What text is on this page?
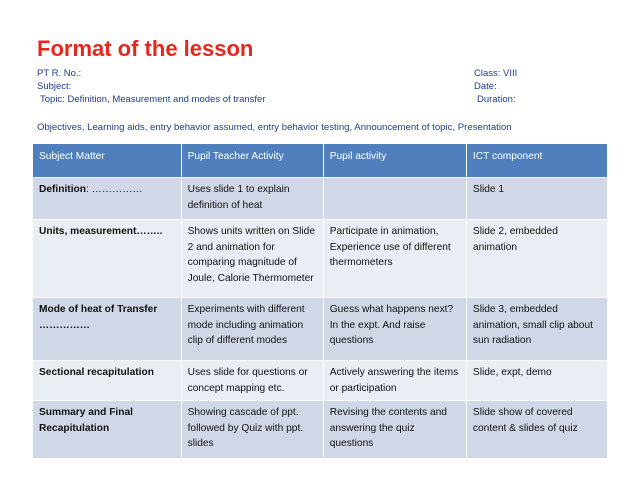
Format of the lesson
PT R. No.:
Subject:
Topic: Definition, Measurement and modes of transfer
Class: VIII
Date:
Duration:
Objectives, Learning aids, entry behavior assumed, entry behavior testing, Announcement of topic, Presentation
Subject Matter	Pupil Teacher Activity	Pupil activity	ICT component
Definition: ……………	Uses slide 1 to explain definition of heat		Slide 1
Units, measurement……..	Shows units written on Slide 2 and animation for comparing magnitude of Joule, Calorie Thermometer	Participate in animation, Experience use of different thermometers	Slide 2, embedded animation
Mode of heat of Transfer ……………	Experiments with different mode including animation clip of different modes	Guess what happens next? In the expt. And raise questions	Slide 3, embedded animation, small clip about sun radiation
Sectional recapitulation	Uses slide for questions or concept mapping etc.	Actively answering the items or participation	Slide, expt, demo
Summary and Final Recapitulation	Showing cascade of ppt. followed by Quiz with ppt. slides	Revising the contents and answering the quiz questions	Slide show of covered content & slides of quiz
